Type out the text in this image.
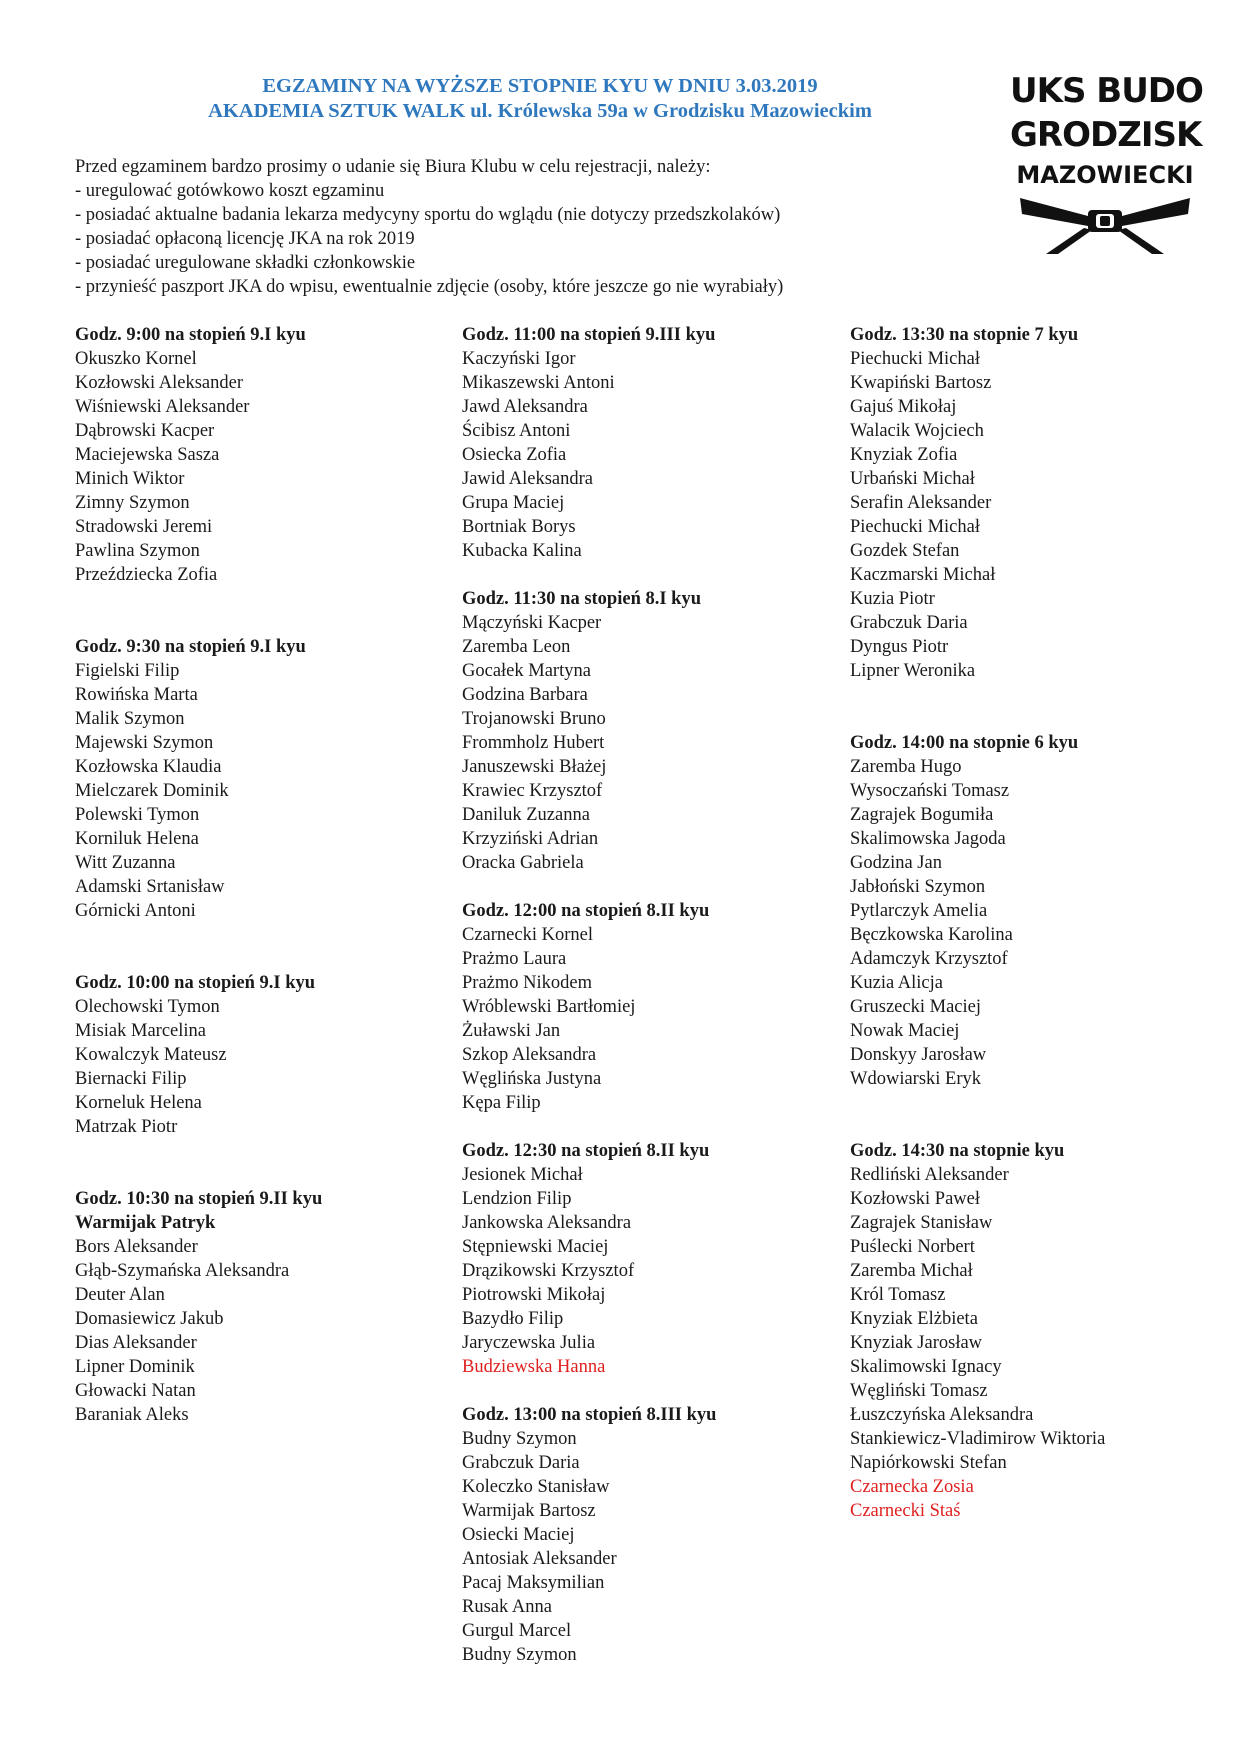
EGZAMINY NA WYŻSZE STOPNIE KYU W DNIU 3.03.2019
AKADEMIA SZTUK WALK ul. Królewska 59a w Grodzisku Mazowieckim	UKS BUDO
GRODZISK
MAZOWIECKI
Przed egzaminem bardzo prosimy o udanie się Biura Klubu w celu rejestracji, należy:
- uregulować gotówkowo koszt egzaminu
- posiadać aktualne badania lekarza medycyny sportu do wglądu (nie dotyczy przedszkolaków)
- posiadać opłaconą licencję JKA na rok 2019
- posiadać uregulowane składki członkowskie
- przynieść paszport JKA do wpisu, ewentualnie zdjęcie (osoby, które jeszcze go nie wyrabiały)
Godz. 9:00 na stopień 9.I kyu
Okuszko Kornel
Kozłowski Aleksander
Wiśniewski Aleksander
Dąbrowski Kacper
Maciejewska Sasza
Minich Wiktor
Zimny Szymon
Stradowski Jeremi
Pawlina Szymon
Przeździecka Zofia
Godz. 9:30 na stopień 9.I kyu
Figielski Filip
Rowińska Marta
Malik Szymon
Majewski Szymon
Kozłowska Klaudia
Mielczarek Dominik
Polewski Tymon
Korniluk Helena
Witt Zuzanna
Adamski Srtanisław
Górnicki Antoni
Godz. 10:00 na stopień 9.I kyu
Olechowski Tymon
Misiak Marcelina
Kowalczyk Mateusz
Biernacki Filip
Korneluk Helena
Matrzak Piotr
Godz. 10:30 na stopień 9.II kyu
Warmijak Patryk
Bors Aleksander
Głąb-Szymańska Aleksandra
Deuter Alan
Domasiewicz Jakub
Dias Aleksander
Lipner Dominik
Głowacki Natan
Baraniak Aleks
Godz. 11:00 na stopień 9.III kyu
Kaczyński Igor
Mikaszewski Antoni
Jawd Aleksandra
Ścibisz Antoni
Osiecka Zofia
Jawid Aleksandra
Grupa Maciej
Bortniak Borys
Kubacka Kalina
Godz. 11:30 na stopień 8.I kyu
Mączyński Kacper
Zaremba Leon
Gocałek Martyna
Godzina Barbara
Trojanowski Bruno
Frommholz Hubert
Januszewski Błażej
Krawiec Krzysztof
Daniluk Zuzanna
Krzyziński Adrian
Oracka Gabriela
Godz. 12:00 na stopień 8.II kyu
Czarnecki Kornel
Prażmo Laura
Prażmo Nikodem
Wróblewski Bartłomiej
Żuławski Jan
Szkop Aleksandra
Węglińska Justyna
Kępa Filip
Godz. 12:30 na stopień 8.II kyu
Jesionek Michał
Lendzion Filip
Jankowska Aleksandra
Stępniewski Maciej
Drązikowski Krzysztof
Piotrowski Mikołaj
Bazydło Filip
Jaryczewska Julia
Budziewska Hanna
Godz. 13:00 na stopień 8.III kyu
Budny Szymon
Grabczuk Daria
Koleczko Stanisław
Warmijak Bartosz
Osiecki Maciej
Antosiak Aleksander
Pacaj Maksymilian
Rusak Anna
Gurgul Marcel
Budny Szymon
Godz. 13:30 na stopnie 7 kyu
Piechucki Michał
Kwapiński Bartosz
Gajuś Mikołaj
Walacik Wojciech
Knyziak Zofia
Urbański Michał
Serafin Aleksander
Piechucki Michał
Gozdek Stefan
Kaczmarski Michał
Kuzia Piotr
Grabczuk Daria
Dyngus Piotr
Lipner Weronika
Godz. 14:00 na stopnie 6 kyu
Zaremba Hugo
Wysoczański Tomasz
Zagrajek Bogumiła
Skalimowska Jagoda
Godzina Jan
Jabłoński Szymon
Pytlarczyk Amelia
Bęczkowska Karolina
Adamczyk Krzysztof
Kuzia Alicja
Gruszecki Maciej
Nowak Maciej
Donskyy Jarosław
Wdowiarski Eryk
Godz. 14:30 na stopnie kyu
Redliński Aleksander
Kozłowski Paweł
Zagrajek Stanisław
Puślecki Norbert
Zaremba Michał
Król Tomasz
Knyziak Elżbieta
Knyziak Jarosław
Skalimowski Ignacy
Węgliński Tomasz
Łuszczyńska Aleksandra
Stankiewicz-Vladimirow Wiktoria
Napiórkowski Stefan
Czarnecka Zosia
Czarnecki Staś
